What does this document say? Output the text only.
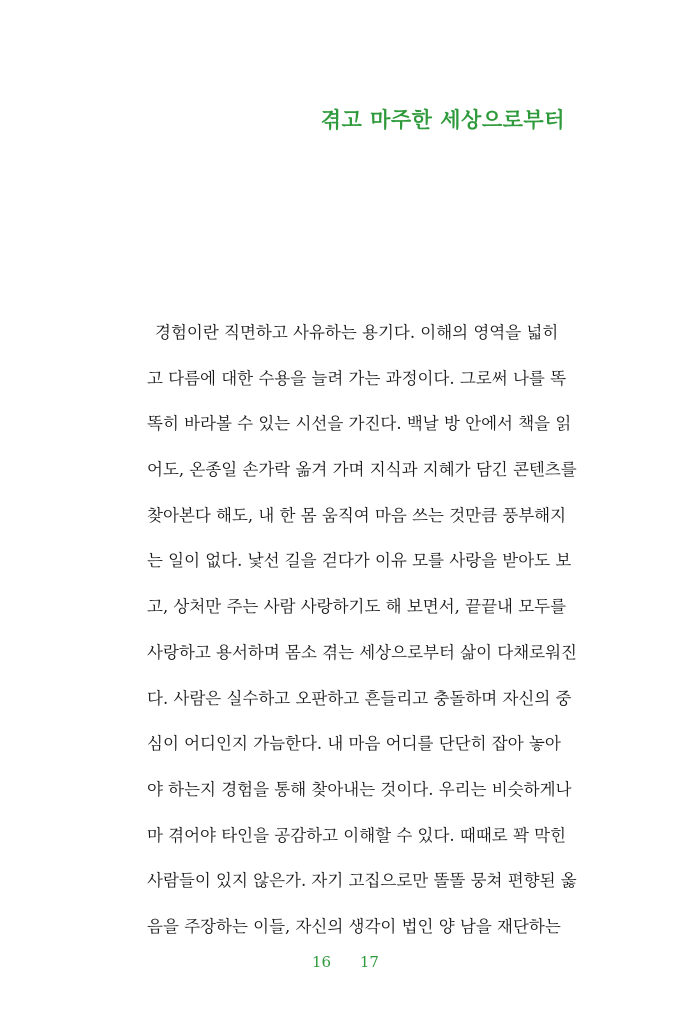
겪고 마주한 세상으로부터
경험이란 직면하고 사유하는 용기다. 이해의 영역을 넓히
고 다름에 대한 수용을 늘려 가는 과정이다. 그로써 나를 똑
똑히 바라볼 수 있는 시선을 가진다. 백날 방 안에서 책을 읽
어도, 온종일 손가락 옮겨 가며 지식과 지혜가 담긴 콘텐츠를
찾아본다 해도, 내 한 몸 움직여 마음 쓰는 것만큼 풍부해지
는 일이 없다. 낯선 길을 걷다가 이유 모를 사랑을 받아도 보
고, 상처만 주는 사람 사랑하기도 해 보면서, 끝끝내 모두를
사랑하고 용서하며 몸소 겪는 세상으로부터 삶이 다채로워진
다. 사람은 실수하고 오판하고 흔들리고 충돌하며 자신의 중
심이 어디인지 가늠한다. 내 마음 어디를 단단히 잡아 놓아
야 하는지 경험을 통해 찾아내는 것이다. 우리는 비슷하게나
마 겪어야 타인을 공감하고 이해할 수 있다. 때때로 꽉 막힌
사람들이 있지 않은가. 자기 고집으로만 똘똘 뭉쳐 편향된 옳
음을 주장하는 이들, 자신의 생각이 법인 양 남을 재단하는
16 17
